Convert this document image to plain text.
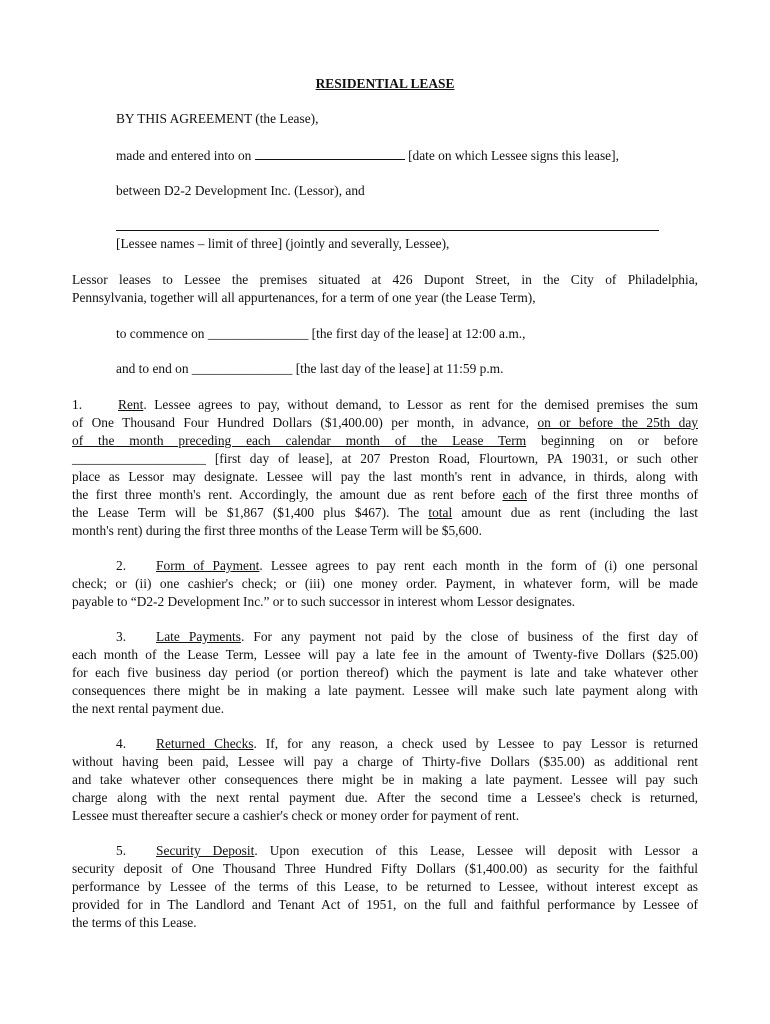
RESIDENTIAL LEASE
BY THIS AGREEMENT (the Lease),
made and entered into on	[date on which Lessee signs this lease],
between D2-2 Development Inc. (Lessor), and
[Lessee names – limit of three] (jointly and severally, Lessee),
Lessor leases to Lessee the premises situated at 426 Dupont Street, in the City of Philadelphia,
Pennsylvania, together will all appurtenances, for a term of one year (the Lease Term),
to commence on _______________ [the first day of the lease] at 12:00 a.m.,
and to end on _______________ [the last day of the lease] at 11:59 p.m.
1.	Rent. Lessee agrees to pay, without demand, to Lessor as rent for the demised premises the sum
of One Thousand Four Hundred Dollars ($1,400.00) per month, in advance, on or before the 25th day
of the month preceding each calendar month of the Lease Term beginning on or before
____________________ [first day of lease], at 207 Preston Road, Flourtown, PA 19031, or such other
place as Lessor may designate. Lessee will pay the last month's rent in advance, in thirds, along with
the first three month's rent. Accordingly, the amount due as rent before each of the first three months of
the Lease Term will be $1,867 ($1,400 plus $467). The total amount due as rent (including the last
month's rent) during the first three months of the Lease Term will be $5,600.
2. Form of Payment. Lessee agrees to pay rent each month in the form of (i) one personal
check; or (ii) one cashier's check; or (iii) one money order. Payment, in whatever form, will be made
payable to “D2-2 Development Inc.” or to such successor in interest whom Lessor designates.
3. Late Payments. For any payment not paid by the close of business of the first day of
each month of the Lease Term, Lessee will pay a late fee in the amount of Twenty-five Dollars ($25.00)
for each five business day period (or portion thereof) which the payment is late and take whatever other
consequences there might be in making a late payment. Lessee will make such late payment along with
the next rental payment due.
4. Returned Checks. If, for any reason, a check used by Lessee to pay Lessor is returned
without having been paid, Lessee will pay a charge of Thirty-five Dollars ($35.00) as additional rent
and take whatever other consequences there might be in making a late payment. Lessee will pay such
charge along with the next rental payment due. After the second time a Lessee's check is returned,
Lessee must thereafter secure a cashier's check or money order for payment of rent.
5. Security Deposit. Upon execution of this Lease, Lessee will deposit with Lessor a
security deposit of One Thousand Three Hundred Fifty Dollars ($1,400.00) as security for the faithful
performance by Lessee of the terms of this Lease, to be returned to Lessee, without interest except as
provided for in The Landlord and Tenant Act of 1951, on the full and faithful performance by Lessee of
the terms of this Lease.
